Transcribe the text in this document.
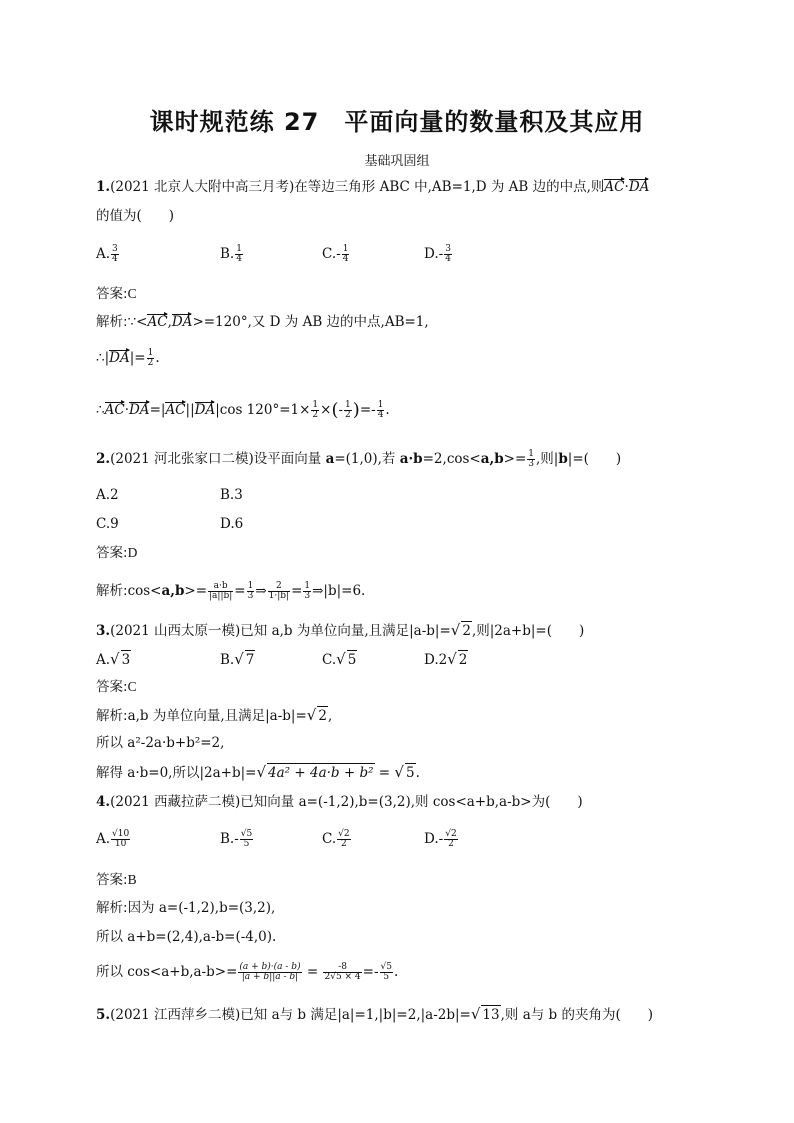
课时规范练 27　平面向量的数量积及其应用
基础巩固组
1.(2021 北京人大附中高三月考)在等边三角形 ABC 中,AB=1,D 为 AB 边的中点,则AC·DA
的值为(　　)
A. $\frac{3}{4}$	B. $\frac{1}{4}$	$C.- \frac{1}{4}$	$D.- \frac{3}{4}$
答案:C
解析:∵<AC,DA>=120°,又 D 为 AB 边的中点,AB=1,
∴|DA|= $\frac{1}{2}$ .
∴AC·DA=|AC||DA|cos $120^\circ=1\times \frac{1}{2}$ ×(- $\frac{1}{2}$ )=- $\frac{1}{4}$ .
2.(2021 河北张家口二模)设平面向量 a=(1,0),若 $a\cdot b=2,\cos<a,b>= \frac{1}{3}$ ,则|b|=(　　)
A.2	B.3
C.9	D.6
答案:D
解析:cos<a,b>= $\frac{a\cdot b}{|a||b|} = \frac{1}{3}$ ⇒ $\frac{2}{1\cdot|b|} = \frac{1}{3}$ ⇒|b|=6.
3.(2021 山西太原一模)已知 a,b 为单位向量,且满足|a-b|=√ 2,则|2a+b|=(　　)
A.√ 3	B.√ 7	C.√ 5	D.2√ 2
答案:C
解析:a,b 为单位向量,且满足|a-b|=√ 2,
所以 a²-2a·b+b²=2,
解得 a·b=0,所以|2a+b|=√ 4a² + 4a·b + b² = √ 5.
4.(2021 西藏拉萨二模)已知向量 a=(-1,2),b=(3,2),则 cos<a+b,a-b>为(　　)
A. $\frac{√10}{10}$	$B.- \frac{√5}{5}$	C. $\frac{√2}{2}$	$D.- \frac{√2}{2}$
答案:B
解析:因为 a=(-1,2),b=(3,2),
所以 a+b=(2,4),a-b=(-4,0).
所以 $\cos<a+b,a-b>= \frac{(a + b)\cdot(a - b)}{|a + b||a - b|} = \frac{-8}{2√5 \times 4} =- \frac{√5}{5}$ .
5.(2021 江西萍乡二模)已知 a与 b 满足|a|=1,|b|=2,|a-2b|=√ 13,则 a与 b 的夹角为(　　)
